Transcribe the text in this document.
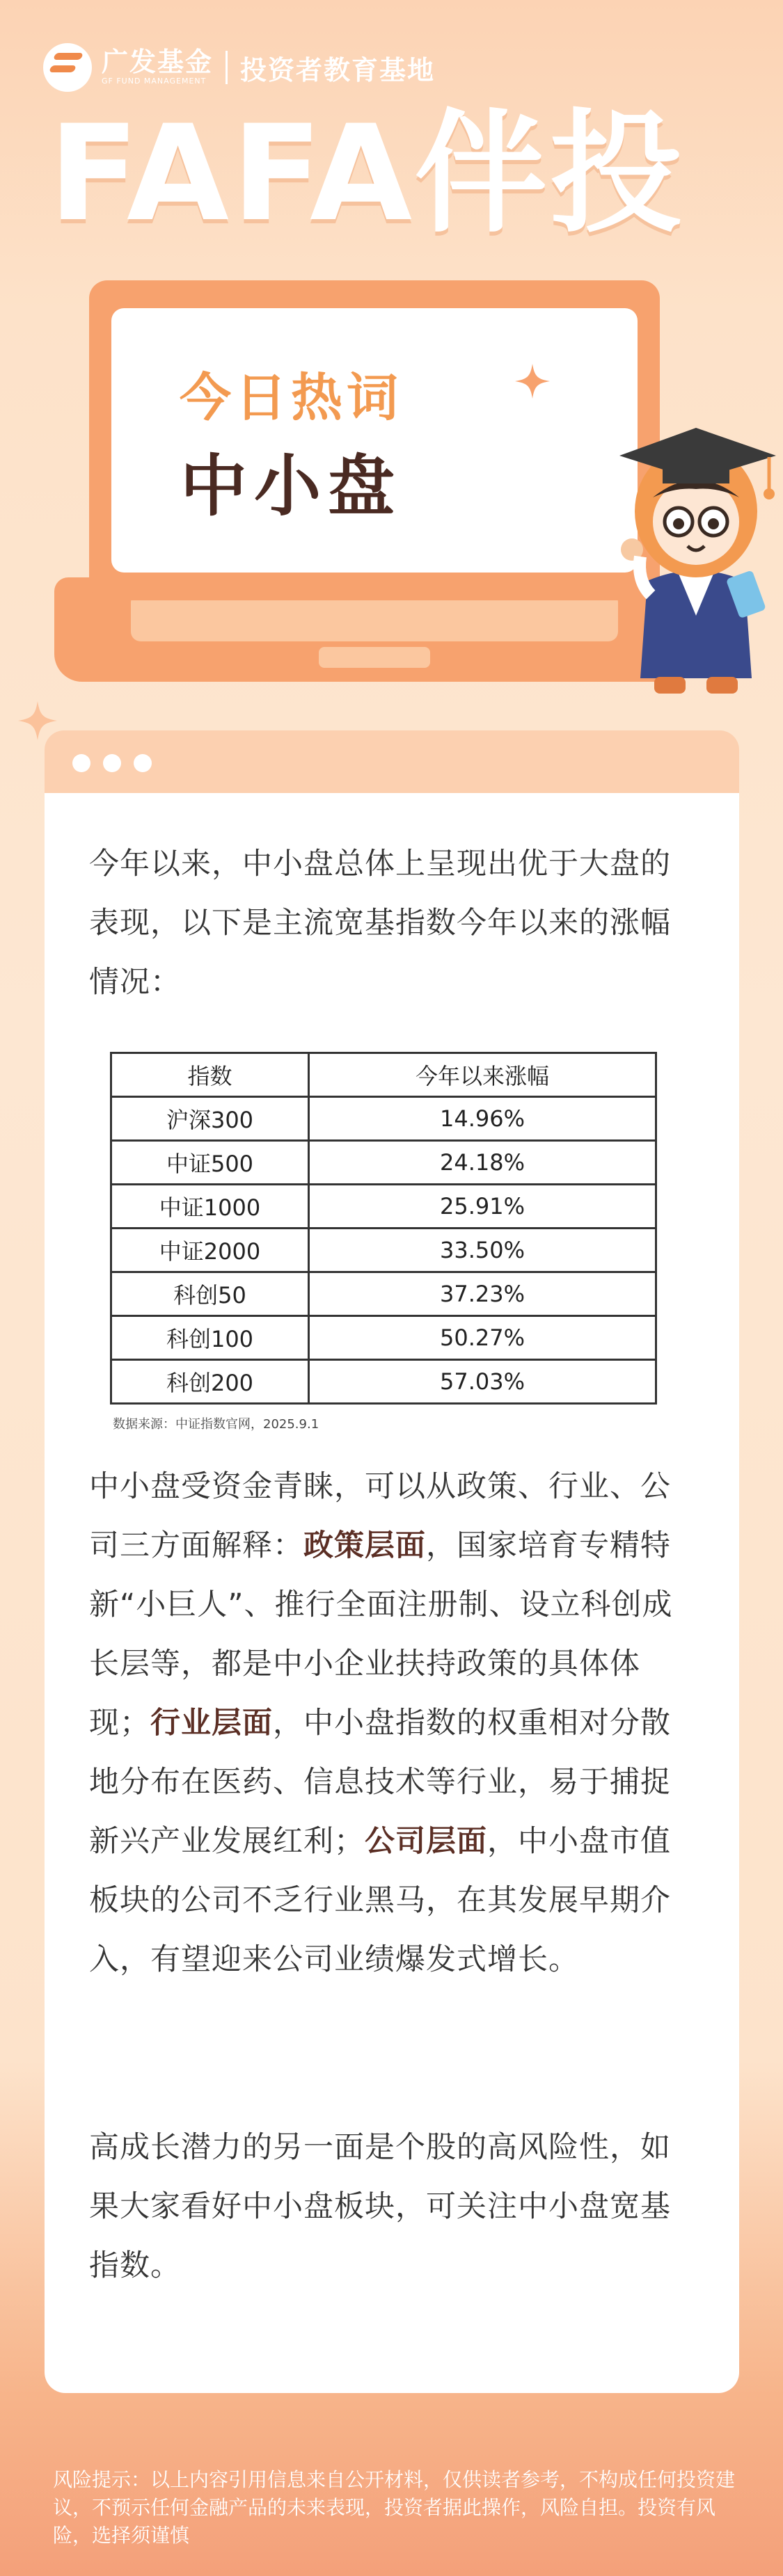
广发基金
GF FUND MANAGEMENT 投资者教育基地
FAFA伴投
今日热词
中小盘

今年以来，中小盘总体上呈现出优于大盘的表现，以下是主流宽基指数今年以来的涨幅情况：

指数	今年以来涨幅
沪深300	14.96%
中证500	24.18%
中证1000	25.91%
中证2000	33.50%
科创50	37.23%
科创100	50.27%
科创200	57.03%
数据来源：中证指数官网，2025.9.1

中小盘受资金青睐，可以从政策、行业、公司三方面解释：政策层面，国家培育专精特新“小巨人”、推行全面注册制、设立科创成长层等，都是中小企业扶持政策的具体体现；行业层面，中小盘指数的权重相对分散地分布在医药、信息技术等行业，易于捕捉新兴产业发展红利；公司层面，中小盘市值板块的公司不乏行业黑马，在其发展早期介入，有望迎来公司业绩爆发式增长。

高成长潜力的另一面是个股的高风险性，如果大家看好中小盘板块，可关注中小盘宽基指数。

风险提示：以上内容引用信息来自公开材料，仅供读者参考，不构成任何投资建议，不预示任何金融产品的未来表现，投资者据此操作，风险自担。投资有风险，选择须谨慎
